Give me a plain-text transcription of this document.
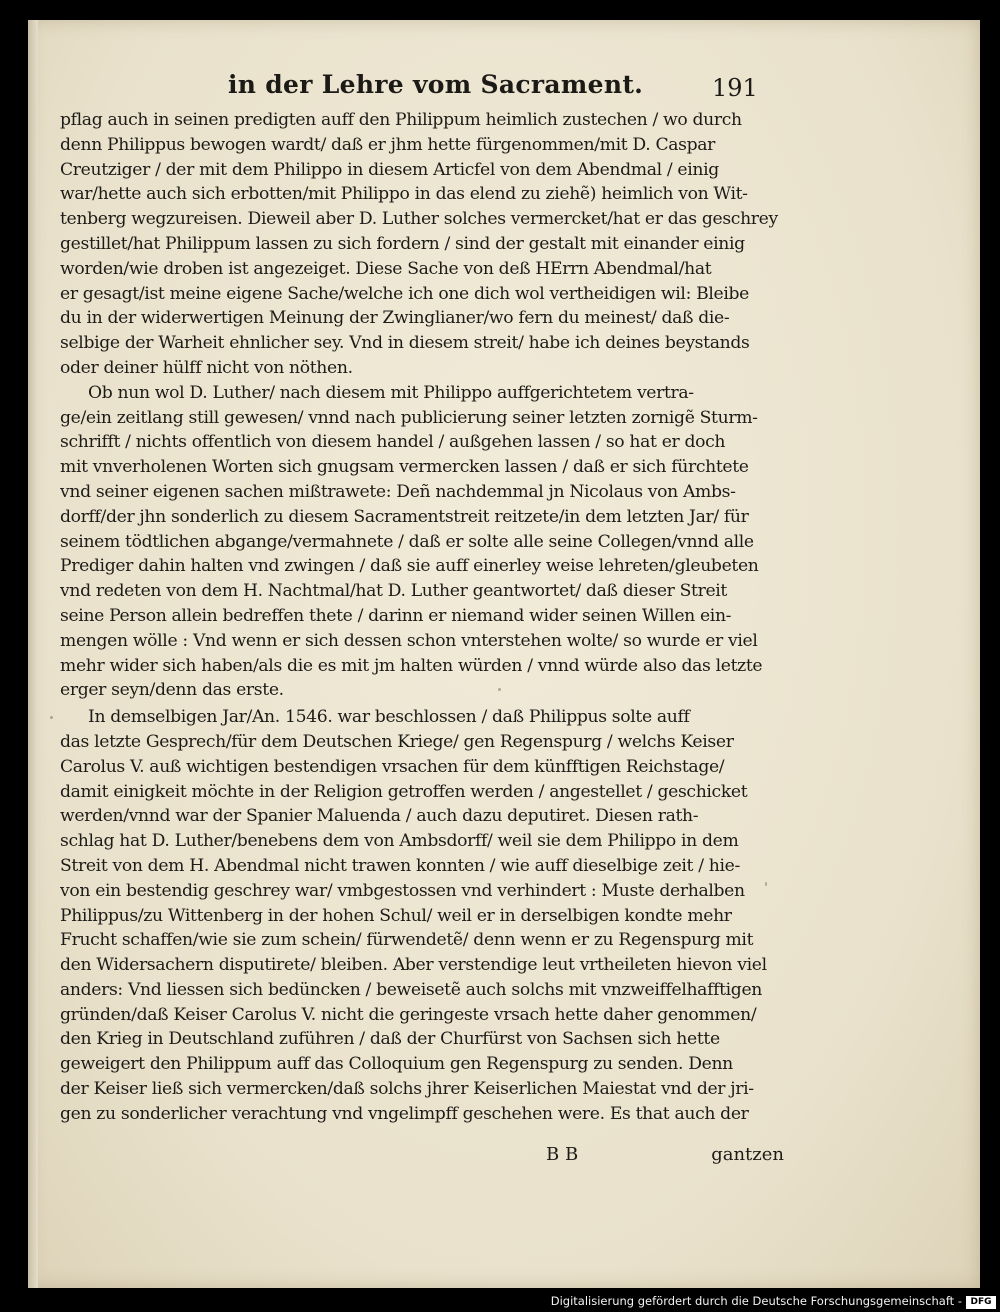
in der Lehre vom Sacrament.	191
pflag auch in seinen predigten auff den Philippum heimlich zustechen / wo durch
denn Philippus bewogen wardt/ daß er jhm hette fürgenommen/mit D. Caspar
Creutziger / der mit dem Philippo in diesem Articfel von dem Abendmal / einig
war/hette auch sich erbotten/mit Philippo in das elend zu ziehẽ) heimlich von Wit-
tenberg wegzureisen. Dieweil aber D. Luther solches vermercket/hat er das geschrey
gestillet/hat Philippum lassen zu sich fordern / sind der gestalt mit einander einig
worden/wie droben ist angezeiget. Diese Sache von deß HErrn Abendmal/hat
er gesagt/ist meine eigene Sache/welche ich one dich wol vertheidigen wil: Bleibe
du in der widerwertigen Meinung der Zwinglianer/wo fern du meinest/ daß die-
selbige der Warheit ehnlicher sey. Vnd in diesem streit/ habe ich deines beystands
oder deiner hülff nicht von nöthen.
Ob nun wol D. Luther/ nach diesem mit Philippo auffgerichtetem vertra-
ge/ein zeitlang still gewesen/ vnnd nach publicierung seiner letzten zornigẽ Sturm-
schrifft / nichts offentlich von diesem handel / außgehen lassen / so hat er doch
mit vnverholenen Worten sich gnugsam vermercken lassen / daß er sich fürchtete
vnd seiner eigenen sachen mißtrawete: Deñ nachdemmal jn Nicolaus von Ambs-
dorff/der jhn sonderlich zu diesem Sacramentstreit reitzete/in dem letzten Jar/ für
seinem tödtlichen abgange/vermahnete / daß er solte alle seine Collegen/vnnd alle
Prediger dahin halten vnd zwingen / daß sie auff einerley weise lehreten/gleubeten
vnd redeten von dem H. Nachtmal/hat D. Luther geantwortet/ daß dieser Streit
seine Person allein bedreffen thete / darinn er niemand wider seinen Willen ein-
mengen wölle : Vnd wenn er sich dessen schon vnterstehen wolte/ so wurde er viel
mehr wider sich haben/als die es mit jm halten würden / vnnd würde also das letzte
erger seyn/denn das erste.
In demselbigen Jar/An. 1546. war beschlossen / daß Philippus solte auff
das letzte Gesprech/für dem Deutschen Kriege/ gen Regenspurg / welchs Keiser
Carolus V. auß wichtigen bestendigen vrsachen für dem künfftigen Reichstage/
damit einigkeit möchte in der Religion getroffen werden / angestellet / geschicket
werden/vnnd war der Spanier Maluenda / auch dazu deputiret. Diesen rath-
schlag hat D. Luther/benebens dem von Ambsdorff/ weil sie dem Philippo in dem
Streit von dem H. Abendmal nicht trawen konnten / wie auff dieselbige zeit / hie-
von ein bestendig geschrey war/ vmbgestossen vnd verhindert : Muste derhalben
Philippus/zu Wittenberg in der hohen Schul/ weil er in derselbigen kondte mehr
Frucht schaffen/wie sie zum schein/ fürwendetẽ/ denn wenn er zu Regenspurg mit
den Widersachern disputirete/ bleiben. Aber verstendige leut vrtheileten hievon viel
anders: Vnd liessen sich bedüncken / beweisetẽ auch solchs mit vnzweiffelhafftigen
gründen/daß Keiser Carolus V. nicht die geringeste vrsach hette daher genommen/
den Krieg in Deutschland zuführen / daß der Churfürst von Sachsen sich hette
geweigert den Philippum auff das Colloquium gen Regenspurg zu senden. Denn
der Keiser ließ sich vermercken/daß solchs jhrer Keiserlichen Maiestat vnd der jri-
gen zu sonderlicher verachtung vnd vngelimpff geschehen were. Es that auch der
B B	gantzen
Digitalisierung gefördert durch die Deutsche Forschungsgemeinschaft - DFG
